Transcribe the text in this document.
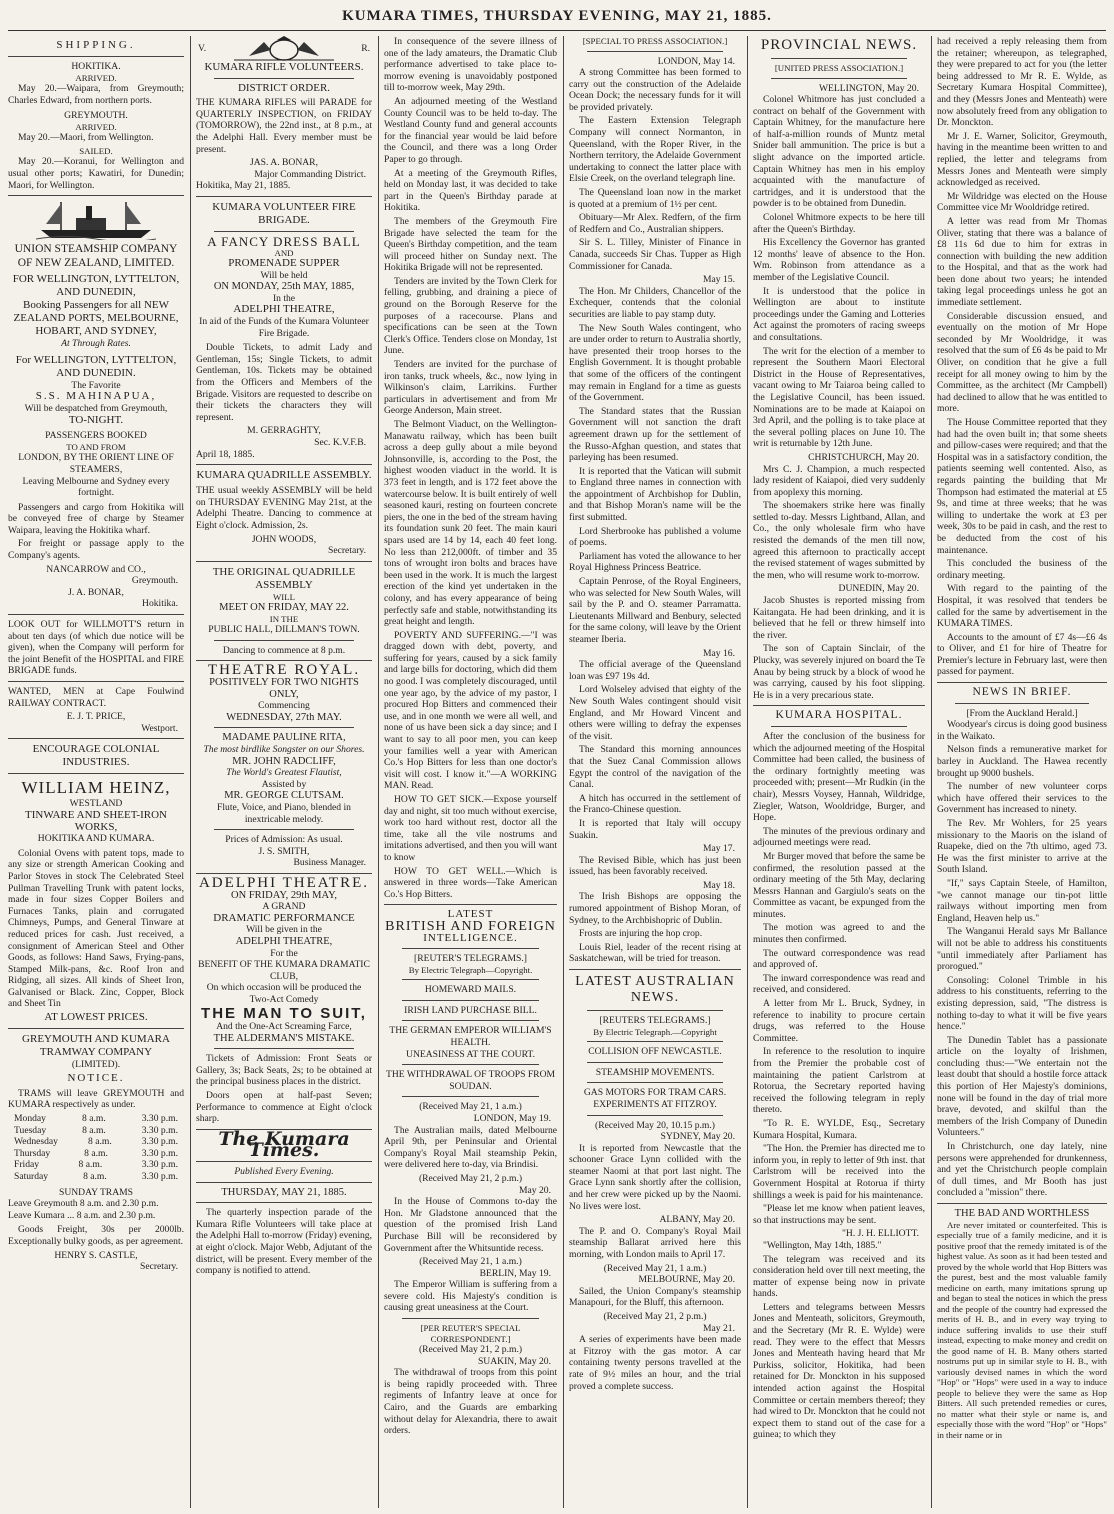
KUMARA TIMES, THURSDAY EVENING, MAY 21, 1885.
SHIPPING.
HOKITIKA.
ARRIVED.
May 20.—Waipara, from Greymouth; Charles Edward, from northern ports.
GREYMOUTH.
ARRIVED.
May 20.—Maori, from Wellington.
SAILED.
May 20.—Koranui, for Wellington and usual other ports; Kawatiri, for Dunedin; Maori, for Wellington.
UNION STEAMSHIP COMPANY OF NEW ZEALAND, LIMITED.
FOR WELLINGTON, LYTTELTON, AND DUNEDIN,
Booking Passengers for all NEW ZEALAND PORTS, MELBOURNE, HOBART, AND SYDNEY,
At Through Rates.
For WELLINGTON, LYTTELTON, AND DUNEDIN.
The Favorite
S.S. MAHINAPUA,
Will be despatched from Greymouth,
TO-NIGHT.
PASSENGERS BOOKED
TO AND FROM
LONDON, BY THE ORIENT LINE OF STEAMERS,
Leaving Melbourne and Sydney every fortnight.
Passengers and cargo from Hokitika will be conveyed free of charge by Steamer Waipara, leaving the Hokitika wharf.
For freight or passage apply to the Company's agents.
NANCARROW and CO.,
Greymouth.
J. A. BONAR,
Hokitika.
LOOK OUT for WILLMOTT'S return in about ten days (of which due notice will be given), when the Company will perform for the joint Benefit of the HOSPITAL and FIRE BRIGADE funds.
WANTED, MEN at Cape Foulwind RAILWAY CONTRACT.
E. J. T. PRICE,
Westport.
ENCOURAGE COLONIAL INDUSTRIES.
WILLIAM HEINZ,
WESTLAND
TINWARE AND SHEET-IRON WORKS,
HOKITIKA AND KUMARA.
Colonial Ovens with patent tops, made to any size or strength American Cooking and Parlor Stoves in stock The Celebrated Steel Pullman Travelling Trunk with patent locks, made in four sizes Copper Boilers and Furnaces Tanks, plain and corrugated Chimneys, Pumps, and General Tinware at reduced prices for cash. Just received, a consignment of American Steel and Other Goods, as follows: Hand Saws, Frying-pans, Stamped Milk-pans, &c. Roof Iron and Ridging, all sizes. All kinds of Sheet Iron, Galvanised or Black. Zinc, Copper, Block and Sheet Tin
AT LOWEST PRICES.
GREYMOUTH AND KUMARA TRAMWAY COMPANY
(LIMITED).
NOTICE.
TRAMS will leave GREYMOUTH and KUMARA respectively as under.
Monday	8 a.m.	3.30 p.m.
Tuesday	8 a.m.	3.30 p.m.
Wednesday	8 a.m.	3.30 p.m.
Thursday	8 a.m.	3.30 p.m.
Friday	8 a.m.	3.30 p.m.
Saturday	8 a.m.	3.30 p.m.
SUNDAY TRAMS
Leave Greymouth 8 a.m. and 2.30 p.m.
Leave Kumara ... 8 a.m. and 2.30 p.m.
Goods Freight, 30s per 2000lb. Exceptionally bulky goods, as per agreement.
HENRY S. CASTLE,
Secretary.
V.	R.
KUMARA RIFLE VOLUNTEERS.
DISTRICT ORDER.
THE KUMARA RIFLES will PARADE for QUARTERLY INSPECTION, on FRIDAY (TOMORROW), the 22nd inst., at 8 p.m., at the Adelphi Hall. Every member must be present.
JAS. A. BONAR,
Major Commanding District.
Hokitika, May 21, 1885.
KUMARA VOLUNTEER FIRE BRIGADE.
A FANCY DRESS BALL
AND
PROMENADE SUPPER
Will be held
ON MONDAY, 25th MAY, 1885,
In the
ADELPHI THEATRE,
In aid of the Funds of the Kumara Volunteer Fire Brigade.
Double Tickets, to admit Lady and Gentleman, 15s; Single Tickets, to admit Gentleman, 10s. Tickets may be obtained from the Officers and Members of the Brigade. Visitors are requested to describe on their tickets the characters they will represent.
M. GERRAGHTY,
Sec. K.V.F.B.
April 18, 1885.
KUMARA QUADRILLE ASSEMBLY.
THE usual weekly ASSEMBLY will be held on THURSDAY EVENING May 21st, at the Adelphi Theatre. Dancing to commence at Eight o'clock. Admission, 2s.
JOHN WOODS,
Secretary.
THE ORIGINAL QUADRILLE ASSEMBLY
WILL
MEET ON FRIDAY, MAY 22.
IN THE
PUBLIC HALL, DILLMAN'S TOWN.
Dancing to commence at 8 p.m.
THEATRE ROYAL.
POSITIVELY FOR TWO NIGHTS ONLY,
Commencing
WEDNESDAY, 27th MAY.
MADAME PAULINE RITA,
The most birdlike Songster on our Shores.
MR. JOHN RADCLIFF,
The World's Greatest Flautist,
Assisted by
MR. GEORGE CLUTSAM.
Flute, Voice, and Piano, blended in inextricable melody.
Prices of Admission: As usual.
J. S. SMITH,
Business Manager.
ADELPHI THEATRE.
ON FRIDAY, 29th MAY,
A GRAND
DRAMATIC PERFORMANCE
Will be given in the
ADELPHI THEATRE,
For the
BENEFIT OF THE KUMARA DRAMATIC CLUB,
On which occasion will be produced the Two-Act Comedy
THE MAN TO SUIT,
And the One-Act Screaming Farce,
THE ALDERMAN'S MISTAKE.
Tickets of Admission: Front Seats or Gallery, 3s; Back Seats, 2s; to be obtained at the principal business places in the district.
Doors open at half-past Seven; Performance to commence at Eight o'clock sharp.
The Kumara Times.
Published Every Evening.
THURSDAY, MAY 21, 1885.
The quarterly inspection parade of the Kumara Rifle Volunteers will take place at the Adelphi Hall to-morrow (Friday) evening, at eight o'clock. Major Webb, Adjutant of the district, will be present. Every member of the company is notified to attend.
In consequence of the severe illness of one of the lady amateurs, the Dramatic Club performance advertised to take place to-morrow evening is unavoidably postponed till to-morrow week, May 29th.
An adjourned meeting of the Westland County Council was to be held to-day. The Westland County fund and general accounts for the financial year would be laid before the Council, and there was a long Order Paper to go through.
At a meeting of the Greymouth Rifles, held on Monday last, it was decided to take part in the Queen's Birthday parade at Hokitika.
The members of the Greymouth Fire Brigade have selected the team for the Queen's Birthday competition, and the team will proceed hither on Sunday next. The Hokitika Brigade will not be represented.
Tenders are invited by the Town Clerk for felling, grubbing, and draining a piece of ground on the Borough Reserve for the purposes of a racecourse. Plans and specifications can be seen at the Town Clerk's Office. Tenders close on Monday, 1st June.
Tenders are invited for the purchase of iron tanks, truck wheels, &c., now lying in Wilkinson's claim, Larrikins. Further particulars in advertisement and from Mr George Anderson, Main street.
The Belmont Viaduct, on the Wellington-Manawatu railway, which has been built across a deep gully about a mile beyond Johnsonville, is, according to the Post, the highest wooden viaduct in the world. It is 373 feet in length, and is 172 feet above the watercourse below. It is built entirely of well seasoned kauri, resting on fourteen concrete piers, the one in the bed of the stream having its foundation sunk 20 feet. The main kauri spars used are 14 by 14, each 40 feet long. No less than 212,000ft. of timber and 35 tons of wrought iron bolts and braces have been used in the work. It is much the largest erection of the kind yet undertaken in the colony, and has every appearance of being perfectly safe and stable, notwithstanding its great height and length.
POVERTY AND SUFFERING.—"I was dragged down with debt, poverty, and suffering for years, caused by a sick family and large bills for doctoring, which did them no good. I was completely discouraged, until one year ago, by the advice of my pastor, I procured Hop Bitters and commenced their use, and in one month we were all well, and none of us have been sick a day since; and I want to say to all poor men, you can keep your families well a year with American Co.'s Hop Bitters for less than one doctor's visit will cost. I know it."—A WORKING MAN. Read.
HOW TO GET SICK.—Expose yourself day and night, sit too much without exercise, work too hard without rest, doctor all the time, take all the vile nostrums and imitations advertised, and then you will want to know
HOW TO GET WELL.—Which is answered in three words—Take American Co.'s Hop Bitters.
LATEST
BRITISH AND FOREIGN
INTELLIGENCE.
[REUTER'S TELEGRAMS.]
By Electric Telegraph—Copyright.
HOMEWARD MAILS.
IRISH LAND PURCHASE BILL.
THE GERMAN EMPEROR WILLIAM'S HEALTH.
UNEASINESS AT THE COURT.
THE WITHDRAWAL OF TROOPS FROM SOUDAN.
(Received May 21, 1 a.m.)
LONDON, May 19.
The Australian mails, dated Melbourne April 9th, per Peninsular and Oriental Company's Royal Mail steamship Pekin, were delivered here to-day, via Brindisi.
(Received May 21, 2 p.m.)
May 20.
In the House of Commons to-day the Hon. Mr Gladstone announced that the question of the promised Irish Land Purchase Bill will be reconsidered by Government after the Whitsuntide recess.
(Received May 21, 1 a.m.)
BERLIN, May 19.
The Emperor William is suffering from a severe cold. His Majesty's condition is causing great uneasiness at the Court.
[PER REUTER'S SPECIAL CORRESPONDENT.]
(Received May 21, 2 p.m.)
SUAKIN, May 20.
The withdrawal of troops from this point is being rapidly proceeded with. Three regiments of Infantry leave at once for Cairo, and the Guards are embarking without delay for Alexandria, there to await orders.
[SPECIAL TO PRESS ASSOCIATION.]
LONDON, May 14.
A strong Committee has been formed to carry out the construction of the Adelaide Ocean Dock; the necessary funds for it will be provided privately.
The Eastern Extension Telegraph Company will connect Normanton, in Queensland, with the Roper River, in the Northern territory, the Adelaide Government undertaking to connect the latter place with Elsie Creek, on the overland telegraph line.
The Queensland loan now in the market is quoted at a premium of 1½ per cent.
Obituary—Mr Alex. Redfern, of the firm of Redfern and Co., Australian shippers.
Sir S. L. Tilley, Minister of Finance in Canada, succeeds Sir Chas. Tupper as High Commissioner for Canada.
May 15.
The Hon. Mr Childers, Chancellor of the Exchequer, contends that the colonial securities are liable to pay stamp duty.
The New South Wales contingent, who are under order to return to Australia shortly, have presented their troop horses to the English Government. It is thought probable that some of the officers of the contingent may remain in England for a time as guests of the Government.
The Standard states that the Russian Government will not sanction the draft agreement drawn up for the settlement of the Russo-Afghan question, and states that parleying has been resumed.
It is reported that the Vatican will submit to England three names in connection with the appointment of Archbishop for Dublin, and that Bishop Moran's name will be the first submitted.
Lord Sherbrooke has published a volume of poems.
Parliament has voted the allowance to her Royal Highness Princess Beatrice.
Captain Penrose, of the Royal Engineers, who was selected for New South Wales, will sail by the P. and O. steamer Parramatta. Lieutenants Millward and Benbury, selected for the same colony, will leave by the Orient steamer Iberia.
May 16.
The official average of the Queensland loan was £97 19s 4d.
Lord Wolseley advised that eighty of the New South Wales contingent should visit England, and Mr Howard Vincent and others were willing to defray the expenses of the visit.
The Standard this morning announces that the Suez Canal Commission allows Egypt the control of the navigation of the Canal.
A hitch has occurred in the settlement of the Franco-Chinese question.
It is reported that Italy will occupy Suakin.
May 17.
The Revised Bible, which has just been issued, has been favorably received.
May 18.
The Irish Bishops are opposing the rumored appointment of Bishop Moran, of Sydney, to the Archbishopric of Dublin.
Frosts are injuring the hop crop.
Louis Riel, leader of the recent rising at Saskatchewan, will be tried for treason.
LATEST AUSTRALIAN NEWS.
[REUTERS TELEGRAMS.]
By Electric Telegraph.—Copyright
COLLISION OFF NEWCASTLE.
STEAMSHIP MOVEMENTS.
GAS MOTORS FOR TRAM CARS. EXPERIMENTS AT FITZROY.
(Received May 20, 10.15 p.m.)
SYDNEY, May 20.
It is reported from Newcastle that the schooner Grace Lynn collided with the steamer Naomi at that port last night. The Grace Lynn sank shortly after the collision, and her crew were picked up by the Naomi. No lives were lost.
ALBANY, May 20.
The P. and O. Company's Royal Mail steamship Ballarat arrived here this morning, with London mails to April 17.
(Received May 21, 1 a.m.)
MELBOURNE, May 20.
Sailed, the Union Company's steamship Manapouri, for the Bluff, this afternoon.
(Received May 21, 2 p.m.)
May 21.
A series of experiments have been made at Fitzroy with the gas motor. A car containing twenty persons travelled at the rate of 9½ miles an hour, and the trial proved a complete success.
PROVINCIAL NEWS.
[UNITED PRESS ASSOCIATION.]
WELLINGTON, May 20.
Colonel Whitmore has just concluded a contract on behalf of the Government with Captain Whitney, for the manufacture here of half-a-million rounds of Muntz metal Snider ball ammunition. The price is but a slight advance on the imported article. Captain Whitney has men in his employ acquainted with the manufacture of cartridges, and it is understood that the powder is to be obtained from Dunedin.
Colonel Whitmore expects to be here till after the Queen's Birthday.
His Excellency the Governor has granted 12 months' leave of absence to the Hon. Wm. Robinson from attendance as a member of the Legislative Council.
It is understood that the police in Wellington are about to institute proceedings under the Gaming and Lotteries Act against the promoters of racing sweeps and consultations.
The writ for the election of a member to represent the Southern Maori Electoral District in the House of Representatives, vacant owing to Mr Taiaroa being called to the Legislative Council, has been issued. Nominations are to be made at Kaiapoi on 3rd April, and the polling is to take place at the several polling places on June 10. The writ is returnable by 12th June.
CHRISTCHURCH, May 20.
Mrs C. J. Champion, a much respected lady resident of Kaiapoi, died very suddenly from apoplexy this morning.
The shoemakers strike here was finally settled to-day. Messrs Lightband, Allan, and Co., the only wholesale firm who have resisted the demands of the men till now, agreed this afternoon to practically accept the revised statement of wages submitted by the men, who will resume work to-morrow.
DUNEDIN, May 20.
Jacob Shustes is reported missing from Kaitangata. He had been drinking, and it is believed that he fell or threw himself into the river.
The son of Captain Sinclair, of the Plucky, was severely injured on board the Te Anau by being struck by a block of wood he was carrying, caused by his foot slipping. He is in a very precarious state.
KUMARA HOSPITAL.
After the conclusion of the business for which the adjourned meeting of the Hospital Committee had been called, the business of the ordinary fortnightly meeting was proceeded with; present—Mr Rudkin (in the chair), Messrs Voysey, Hannah, Wildridge, Ziegler, Watson, Wooldridge, Burger, and Hope.
The minutes of the previous ordinary and adjourned meetings were read.
Mr Burger moved that before the same be confirmed, the resolution passed at the ordinary meeting of the 5th May, declaring Messrs Hannan and Gargiulo's seats on the Committee as vacant, be expunged from the minutes.
The motion was agreed to and the minutes then confirmed.
The outward correspondence was read and approved of.
The inward correspondence was read and received, and considered.
A letter from Mr L. Bruck, Sydney, in reference to inability to procure certain drugs, was referred to the House Committee.
In reference to the resolution to inquire from the Premier the probable cost of maintaining the patient Carlstrom at Rotorua, the Secretary reported having received the following telegram in reply thereto.
"To R. E. WYLDE, Esq., Secretary Kumara Hospital, Kumara.
"The Hon. the Premier has directed me to inform you, in reply to letter of 9th inst. that Carlstrom will be received into the Government Hospital at Rotorua if thirty shillings a week is paid for his maintenance.
"Please let me know when patient leaves, so that instructions may be sent.
"H. J. H. ELLIOTT.
"Wellington, May 14th, 1885."
The telegram was received and its consideration held over till next meeting, the matter of expense being now in private hands.
Letters and telegrams between Messrs Jones and Menteath, solicitors, Greymouth, and the Secretary (Mr R. E. Wylde) were read. They were to the effect that Messrs Jones and Menteath having heard that Mr Purkiss, solicitor, Hokitika, had been retained for Dr. Monckton in his supposed intended action against the Hospital Committee or certain members thereof; they had wired to Dr. Monckton that he could not expect them to stand out of the case for a guinea; to which they
had received a reply releasing them from the retainer; whereupon, as telegraphed, they were prepared to act for you (the letter being addressed to Mr R. E. Wylde, as Secretary Kumara Hospital Committee), and they (Messrs Jones and Menteath) were now absolutely freed from any obligation to Dr. Monckton.
Mr J. E. Warner, Solicitor, Greymouth, having in the meantime been written to and replied, the letter and telegrams from Messrs Jones and Menteath were simply acknowledged as received.
Mr Wildridge was elected on the House Committee vice Mr Wooldridge retired.
A letter was read from Mr Thomas Oliver, stating that there was a balance of £8 11s 6d due to him for extras in connection with building the new addition to the Hospital, and that as the work had been done about two years; he intended taking legal proceedings unless he got an immediate settlement.
Considerable discussion ensued, and eventually on the motion of Mr Hope seconded by Mr Wooldridge, it was resolved that the sum of £6 4s be paid to Mr Oliver, on condition that he give a full receipt for all money owing to him by the Committee, as the architect (Mr Campbell) had declined to allow that he was entitled to more.
The House Committee reported that they had had the oven built in; that some sheets and pillow-cases were required; and that the Hospital was in a satisfactory condition, the patients seeming well contented. Also, as regards painting the building that Mr Thompson had estimated the material at £5 9s, and time at three weeks; that he was willing to undertake the work at £3 per week, 30s to be paid in cash, and the rest to be deducted from the cost of his maintenance.
This concluded the business of the ordinary meeting.
With regard to the painting of the Hospital, it was resolved that tenders be called for the same by advertisement in the KUMARA TIMES.
Accounts to the amount of £7 4s—£6 4s to Oliver, and £1 for hire of Theatre for Premier's lecture in February last, were then passed for payment.
NEWS IN BRIEF.
[From the Auckland Herald.]
Woodyear's circus is doing good business in the Waikato.
Nelson finds a remunerative market for barley in Auckland. The Hawea recently brought up 9000 bushels.
The number of new volunteer corps which have offered their services to the Government has increased to ninety.
The Rev. Mr Wohlers, for 25 years missionary to the Maoris on the island of Ruapeke, died on the 7th ultimo, aged 73. He was the first minister to arrive at the South Island.
"If," says Captain Steele, of Hamilton, "we cannot manage our tin-pot little railways without importing men from England, Heaven help us."
The Wanganui Herald says Mr Ballance will not be able to address his constituents "until immediately after Parliament has prorogued."
Consoling: Colonel Trimble in his address to his constituents, referring to the existing depression, said, "The distress is nothing to-day to what it will be five years hence."
The Dunedin Tablet has a passionate article on the loyalty of Irishmen, concluding thus:—"We entertain not the least doubt that should a hostile force attack this portion of Her Majesty's dominions, none will be found in the day of trial more brave, devoted, and skilful than the members of the Irish Company of Dunedin Volunteers."
In Christchurch, one day lately, nine persons were apprehended for drunkenness, and yet the Christchurch people complain of dull times, and Mr Booth has just concluded a "mission" there.
THE BAD AND WORTHLESS
Are never imitated or counterfeited. This is especially true of a family medicine, and it is positive proof that the remedy imitated is of the highest value. As soon as it had been tested and proved by the whole world that Hop Bitters was the purest, best and the most valuable family medicine on earth, many imitations sprung up and began to steal the notices in which the press and the people of the country had expressed the merits of H. B., and in every way trying to induce suffering invalids to use their stuff instead, expecting to make money and credit on the good name of H. B. Many others started nostrums put up in similar style to H. B., with variously devised names in which the word "Hop" or "Hops" were used in a way to induce people to believe they were the same as Hop Bitters. All such pretended remedies or cures, no matter what their style or name is, and especially those with the word "Hop" or "Hops" in their name or in
